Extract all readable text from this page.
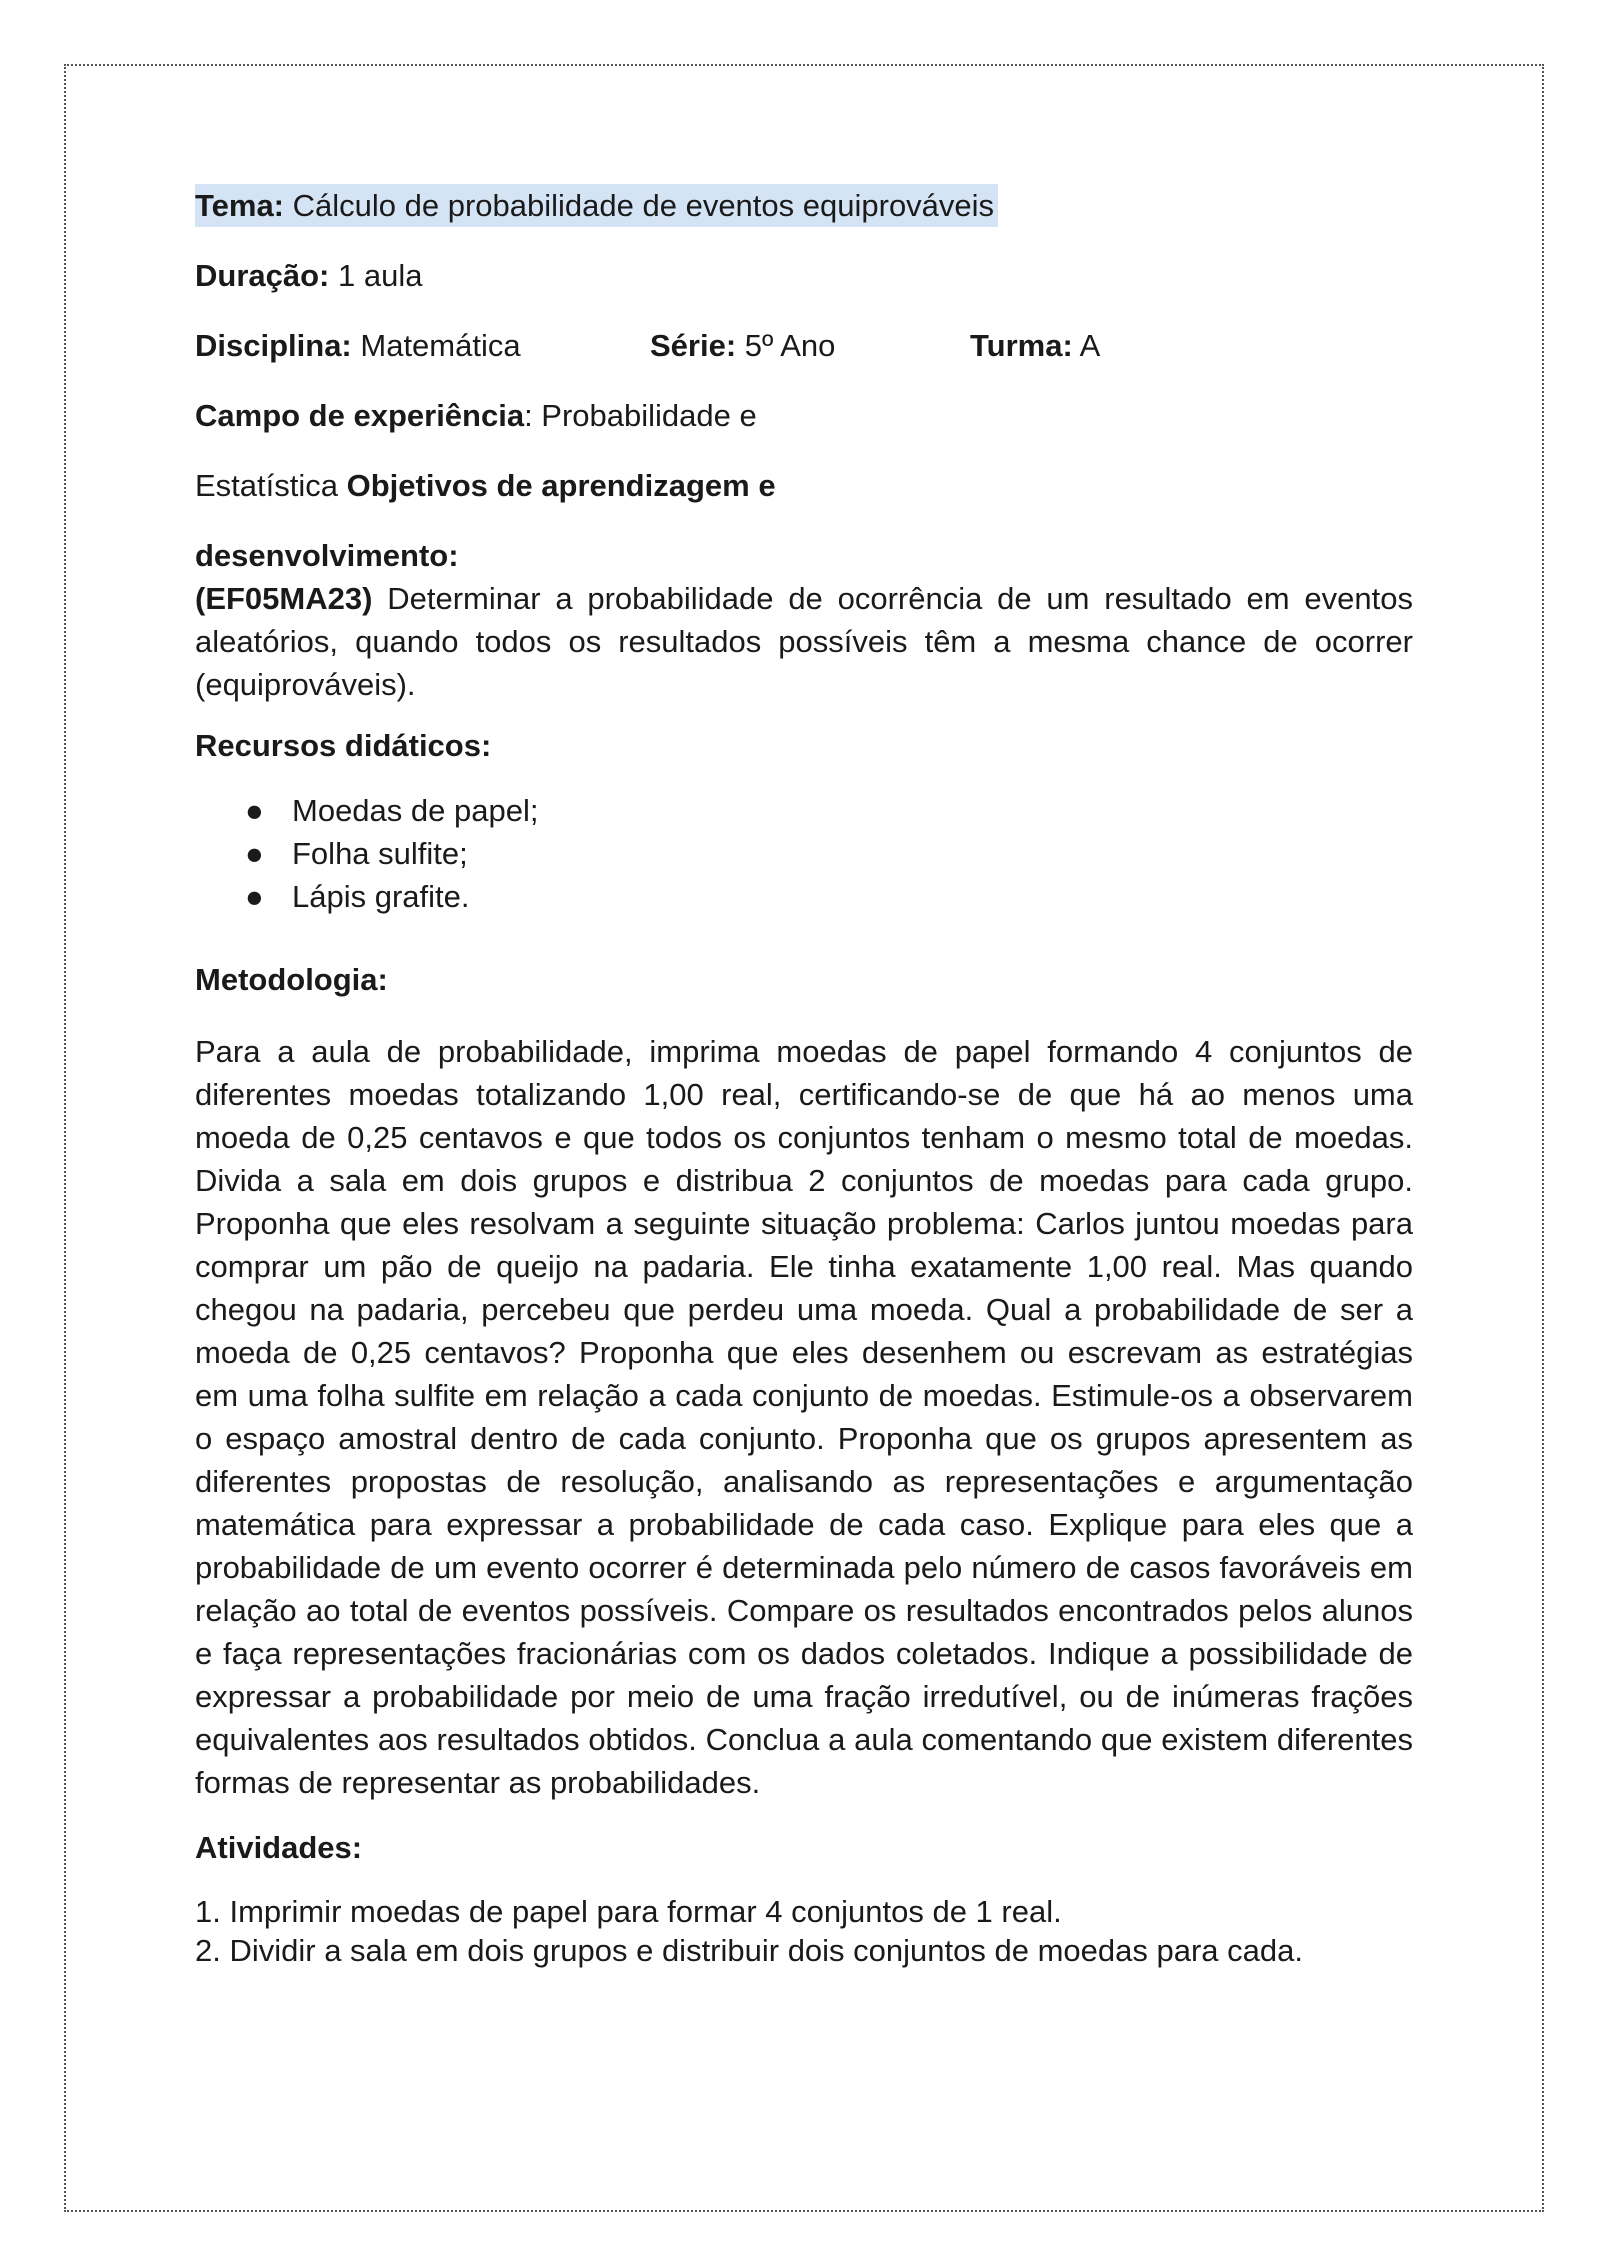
Tema: Cálculo de probabilidade de eventos equiprováveis

Duração: 1 aula

Disciplina: Matemática	Série: 5º Ano	Turma: A

Campo de experiência: Probabilidade e

Estatística Objetivos de aprendizagem e

desenvolvimento:

(EF05MA23) Determinar a probabilidade de ocorrência de um resultado em eventos aleatórios, quando todos os resultados possíveis têm a mesma chance de ocorrer (equiprováveis).

Recursos didáticos:

● Moedas de papel;
● Folha sulfite;
● Lápis grafite.

Metodologia:

Para a aula de probabilidade, imprima moedas de papel formando 4 conjuntos de diferentes moedas totalizando 1,00 real, certificando-se de que há ao menos uma moeda de 0,25 centavos e que todos os conjuntos tenham o mesmo total de moedas. Divida a sala em dois grupos e distribua 2 conjuntos de moedas para cada grupo. Proponha que eles resolvam a seguinte situação problema: Carlos juntou moedas para comprar um pão de queijo na padaria. Ele tinha exatamente 1,00 real. Mas quando chegou na padaria, percebeu que perdeu uma moeda. Qual a probabilidade de ser a moeda de 0,25 centavos? Proponha que eles desenhem ou escrevam as estratégias em uma folha sulfite em relação a cada conjunto de moedas. Estimule-os a observarem o espaço amostral dentro de cada conjunto. Proponha que os grupos apresentem as diferentes propostas de resolução, analisando as representações e argumentação matemática para expressar a probabilidade de cada caso. Explique para eles que a probabilidade de um evento ocorrer é determinada pelo número de casos favoráveis em relação ao total de eventos possíveis. Compare os resultados encontrados pelos alunos e faça representações fracionárias com os dados coletados. Indique a possibilidade de expressar a probabilidade por meio de uma fração irredutível, ou de inúmeras frações equivalentes aos resultados obtidos. Conclua a aula comentando que existem diferentes formas de representar as probabilidades.

Atividades:

1. Imprimir moedas de papel para formar 4 conjuntos de 1 real.
2. Dividir a sala em dois grupos e distribuir dois conjuntos de moedas para cada.
